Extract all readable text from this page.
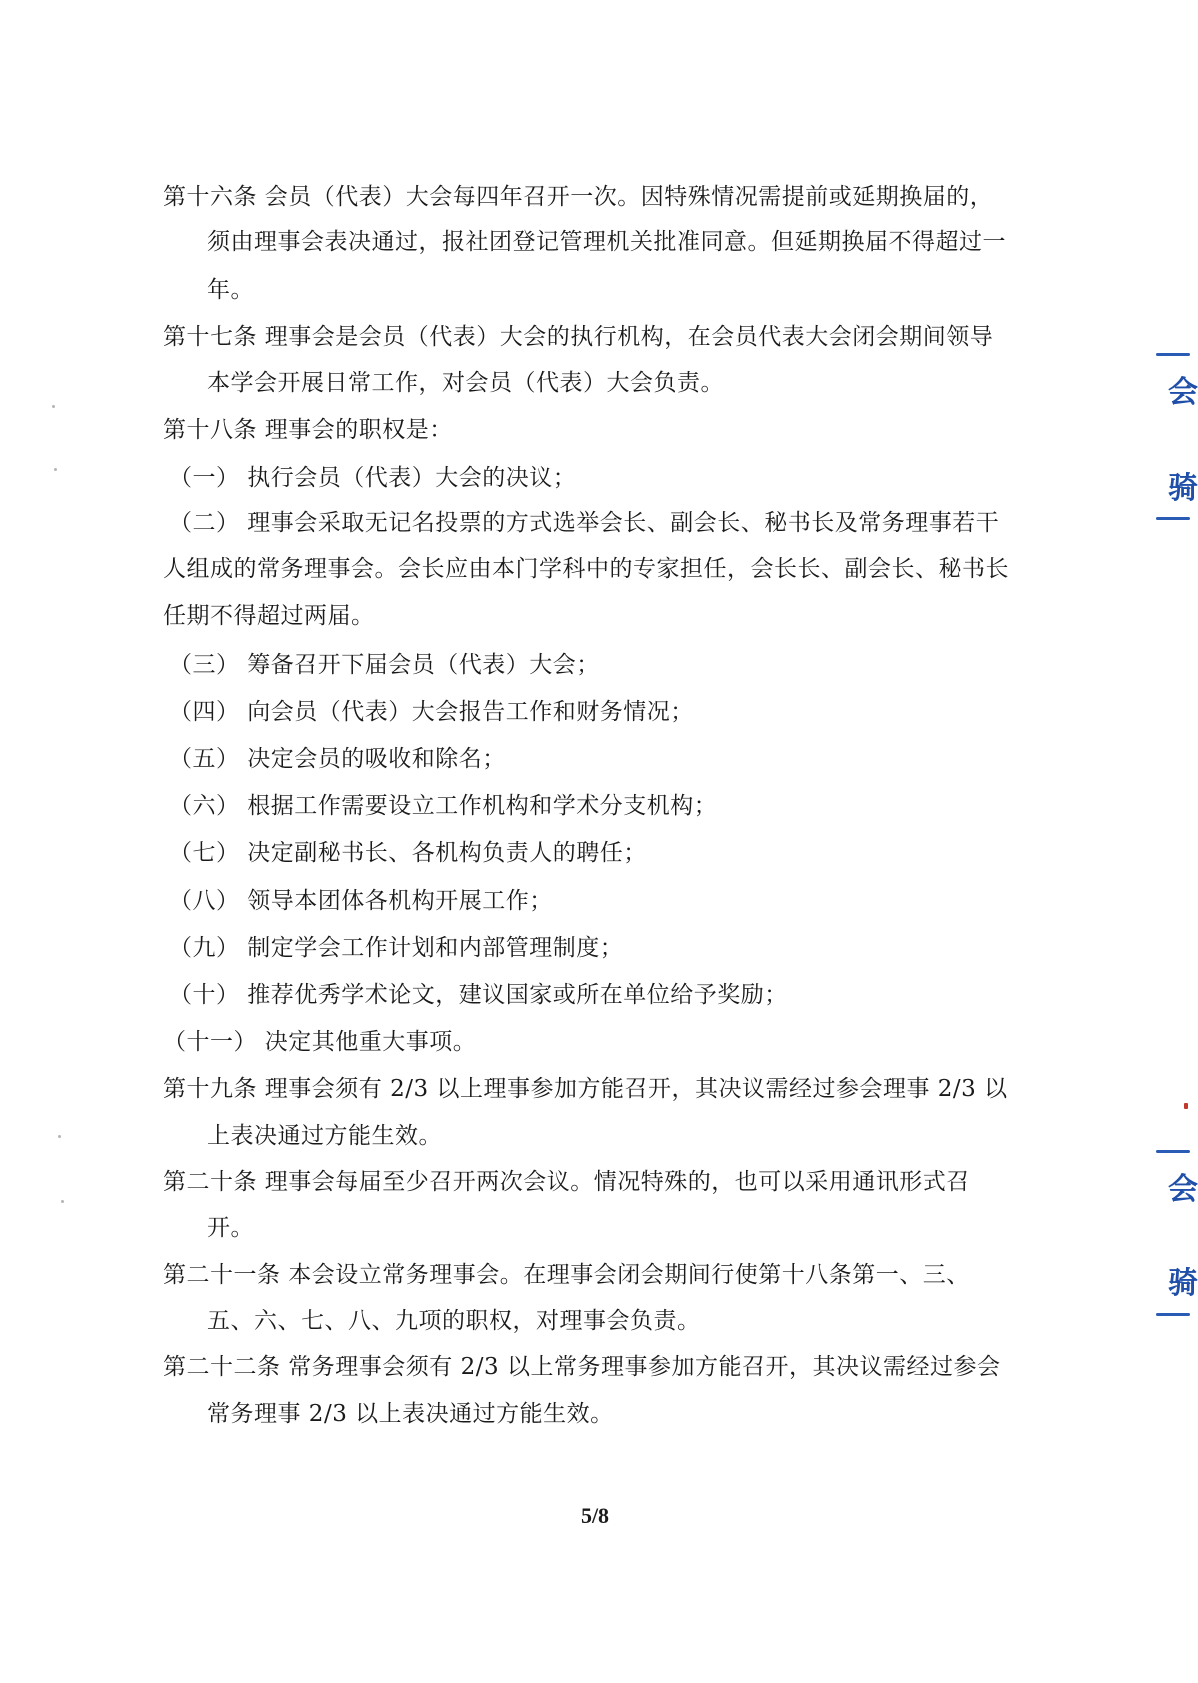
第十六条 会员（代表）大会每四年召开一次。因特殊情况需提前或延期换届的，
须由理事会表决通过，报社团登记管理机关批准同意。但延期换届不得超过一
年。
第十七条 理事会是会员（代表）大会的执行机构，在会员代表大会闭会期间领导
本学会开展日常工作，对会员（代表）大会负责。
第十八条 理事会的职权是：
（一） 执行会员（代表）大会的决议；
（二） 理事会采取无记名投票的方式选举会长、副会长、秘书长及常务理事若干
人组成的常务理事会。会长应由本门学科中的专家担任，会长长、副会长、秘书长
任期不得超过两届。
（三） 筹备召开下届会员（代表）大会；
（四） 向会员（代表）大会报告工作和财务情况；
（五） 决定会员的吸收和除名；
（六） 根据工作需要设立工作机构和学术分支机构；
（七） 决定副秘书长、各机构负责人的聘任；
（八） 领导本团体各机构开展工作；
（九） 制定学会工作计划和内部管理制度；
（十） 推荐优秀学术论文，建议国家或所在单位给予奖励；
（十一） 决定其他重大事项。
第十九条 理事会须有 2/3 以上理事参加方能召开，其决议需经过参会理事 2/3 以
上表决通过方能生效。
第二十条 理事会每届至少召开两次会议。情况特殊的，也可以采用通讯形式召
开。
第二十一条 本会设立常务理事会。在理事会闭会期间行使第十八条第一、三、
五、六、七、八、九项的职权，对理事会负责。
第二十二条 常务理事会须有 2/3 以上常务理事参加方能召开，其决议需经过参会
常务理事 2/3 以上表决通过方能生效。
5/8
会
骑
会
骑
